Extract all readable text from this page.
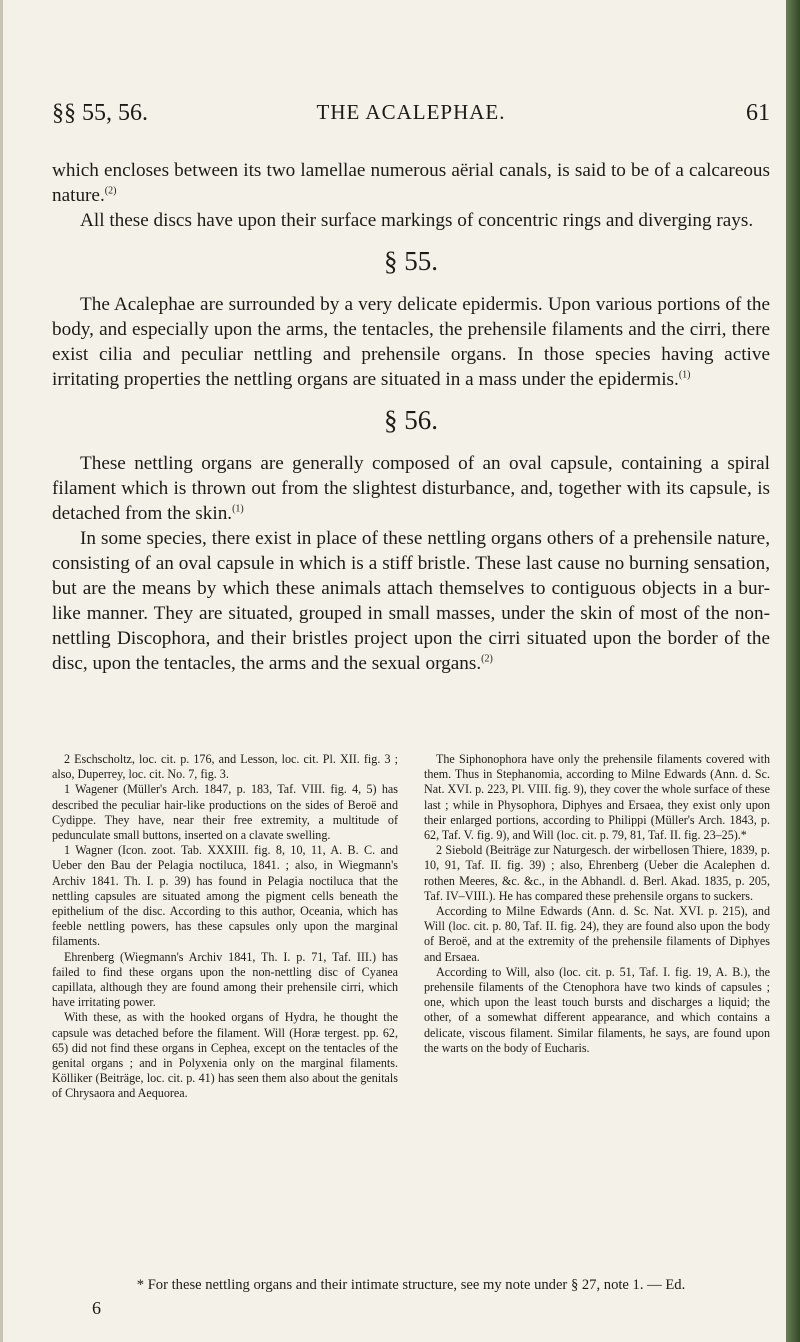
THE ACALEPHAE.
§§ 55, 56.	61

which encloses between its two lamellae numerous aërial canals, is said to be of a calcareous nature.$^{(2)}$

All these discs have upon their surface markings of concentric rings and diverging rays.

§ 55.

The Acalephae are surrounded by a very delicate epidermis. Upon various portions of the body, and especially upon the arms, the tentacles, the prehensile filaments and the cirri, there exist cilia and peculiar nettling and prehensile organs. In those species having active irritating properties the nettling organs are situated in a mass under the epidermis.$^{(1)}$

§ 56.

These nettling organs are generally composed of an oval capsule, containing a spiral filament which is thrown out from the slightest disturbance, and, together with its capsule, is detached from the skin.$^{(1)}$

In some species, there exist in place of these nettling organs others of a prehensile nature, consisting of an oval capsule in which is a stiff bristle. These last cause no burning sensation, but are the means by which these animals attach themselves to contiguous objects in a bur-like manner. They are situated, grouped in small masses, under the skin of most of the non-nettling Discophora, and their bristles project upon the cirri situated upon the border of the disc, upon the tentacles, the arms and the sexual organs.$^{(2)}$

2 Eschscholtz, loc. cit. p. 176, and Lesson, loc. cit. Pl. XII. fig. 3 ; also, Duperrey, loc. cit. No. 7, fig. 3.

1 Wagener (Müller's Arch. 1847, p. 183, Taf. VIII. fig. 4, 5) has described the peculiar hair-like productions on the sides of Beroë and Cydippe. They have, near their free extremity, a multitude of pedunculate small buttons, inserted on a clavate swelling.

1 Wagner (Icon. zoot. Tab. XXXIII. fig. 8, 10, 11, A. B. C. and Ueber den Bau der Pelagia noctiluca, 1841. ; also, in Wiegmann's Archiv 1841. Th. I. p. 39) has found in Pelagia noctiluca that the nettling capsules are situated among the pigment cells beneath the epithelium of the disc. According to this author, Oceania, which has feeble nettling powers, has these capsules only upon the marginal filaments.

Ehrenberg (Wiegmann's Archiv 1841, Th. I. p. 71, Taf. III.) has failed to find these organs upon the non-nettling disc of Cyanea capillata, although they are found among their prehensile cirri, which have irritating power.

With these, as with the hooked organs of Hydra, he thought the capsule was detached before the filament. Will (Horæ tergest. pp. 62, 65) did not find these organs in Cephea, except on the tentacles of the genital organs ; and in Polyxenia only on the marginal filaments. Kölliker (Beiträge, loc. cit. p. 41) has seen them also about the genitals of Chrysaora and Aequorea.

The Siphonophora have only the prehensile filaments covered with them. Thus in Stephanomia, according to Milne Edwards (Ann. d. Sc. Nat. XVI. p. 223, Pl. VIII. fig. 9), they cover the whole surface of these last ; while in Physophora, Diphyes and Ersaea, they exist only upon their enlarged portions, according to Philippi (Müller's Arch. 1843, p. 62, Taf. V. fig. 9), and Will (loc. cit. p. 79, 81, Taf. II. fig. 23–25).*

2 Siebold (Beiträge zur Naturgesch. der wirbellosen Thiere, 1839, p. 10, 91, Taf. II. fig. 39) ; also, Ehrenberg (Ueber die Acalephen d. rothen Meeres, &c. &c., in the Abhandl. d. Berl. Akad. 1835, p. 205, Taf. IV–VIII.). He has compared these prehensile organs to suckers.

According to Milne Edwards (Ann. d. Sc. Nat. XVI. p. 215), and Will (loc. cit. p. 80, Taf. II. fig. 24), they are found also upon the body of Beroë, and at the extremity of the prehensile filaments of Diphyes and Ersaea.

According to Will, also (loc. cit. p. 51, Taf. I. fig. 19, A. B.), the prehensile filaments of the Ctenophora have two kinds of capsules ; one, which upon the least touch bursts and discharges a liquid; the other, of a somewhat different appearance, and which contains a delicate, viscous filament. Similar filaments, he says, are found upon the warts on the body of Eucharis.

* For these nettling organs and their intimate structure, see my note under § 27, note 1. — Ed.
6
